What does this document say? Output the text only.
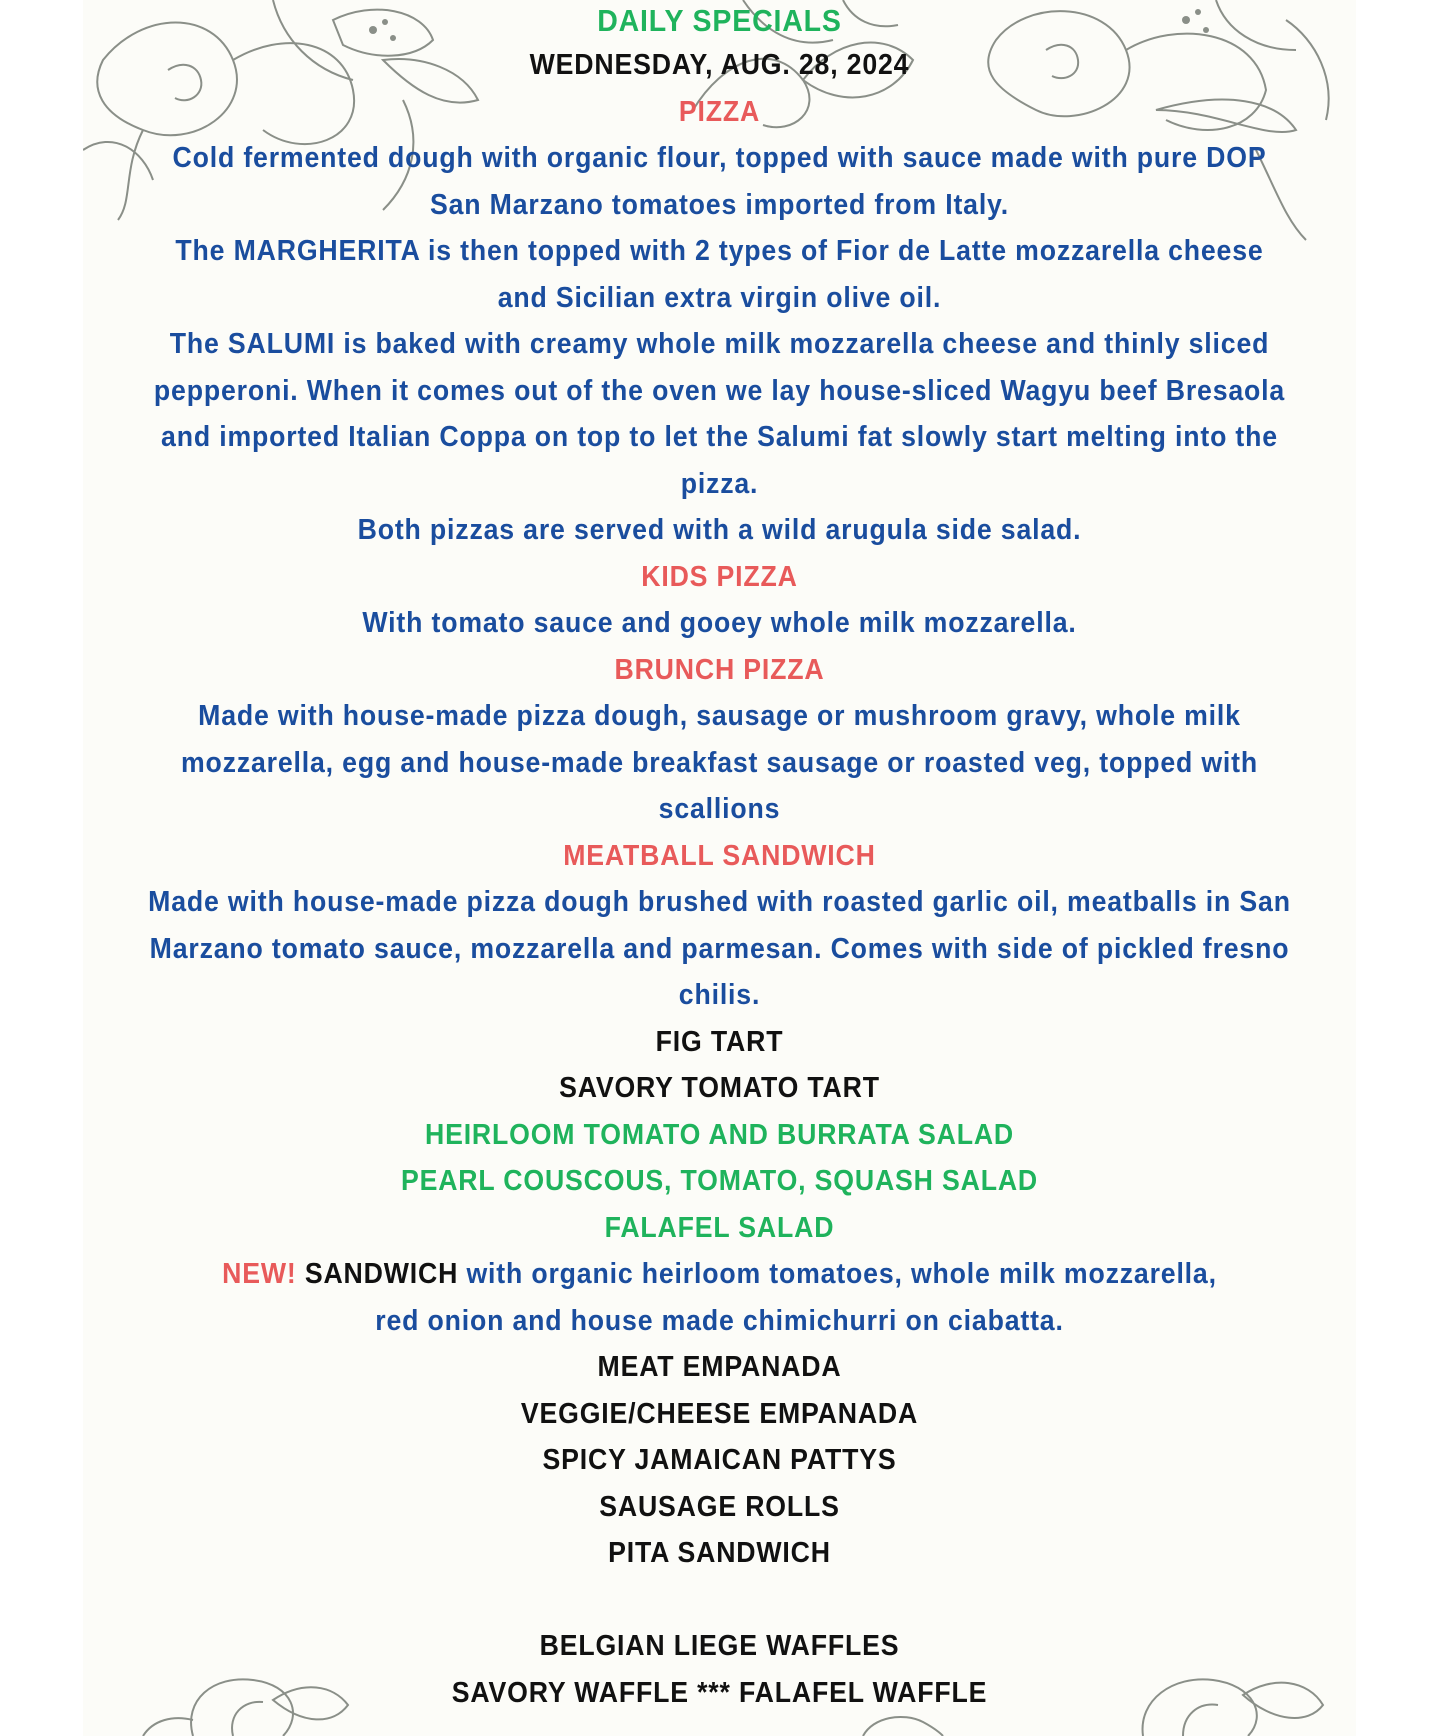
DAILY SPECIALS
WEDNESDAY, AUG. 28, 2024
PIZZA
Cold fermented dough with organic flour, topped with sauce made with pure DOP
San Marzano tomatoes imported from Italy.
The MARGHERITA is then topped with 2 types of Fior de Latte mozzarella cheese
and Sicilian extra virgin olive oil.
The SALUMI is baked with creamy whole milk mozzarella cheese and thinly sliced
pepperoni. When it comes out of the oven we lay house-sliced Wagyu beef Bresaola
and imported Italian Coppa on top to let the Salumi fat slowly start melting into the
pizza.
Both pizzas are served with a wild arugula side salad.
KIDS PIZZA
With tomato sauce and gooey whole milk mozzarella.
BRUNCH PIZZA
Made with house-made pizza dough, sausage or mushroom gravy, whole milk
mozzarella, egg and house-made breakfast sausage or roasted veg, topped with
scallions
MEATBALL SANDWICH
Made with house-made pizza dough brushed with roasted garlic oil, meatballs in San
Marzano tomato sauce, mozzarella and parmesan. Comes with side of pickled fresno
chilis.
FIG TART
SAVORY TOMATO TART
HEIRLOOM TOMATO AND BURRATA SALAD
PEARL COUSCOUS, TOMATO, SQUASH SALAD
FALAFEL SALAD
NEW! SANDWICH with organic heirloom tomatoes, whole milk mozzarella,
red onion and house made chimichurri on ciabatta.
MEAT EMPANADA
VEGGIE/CHEESE EMPANADA
SPICY JAMAICAN PATTYS
SAUSAGE ROLLS
PITA SANDWICH
BELGIAN LIEGE WAFFLES
SAVORY WAFFLE *** FALAFEL WAFFLE
